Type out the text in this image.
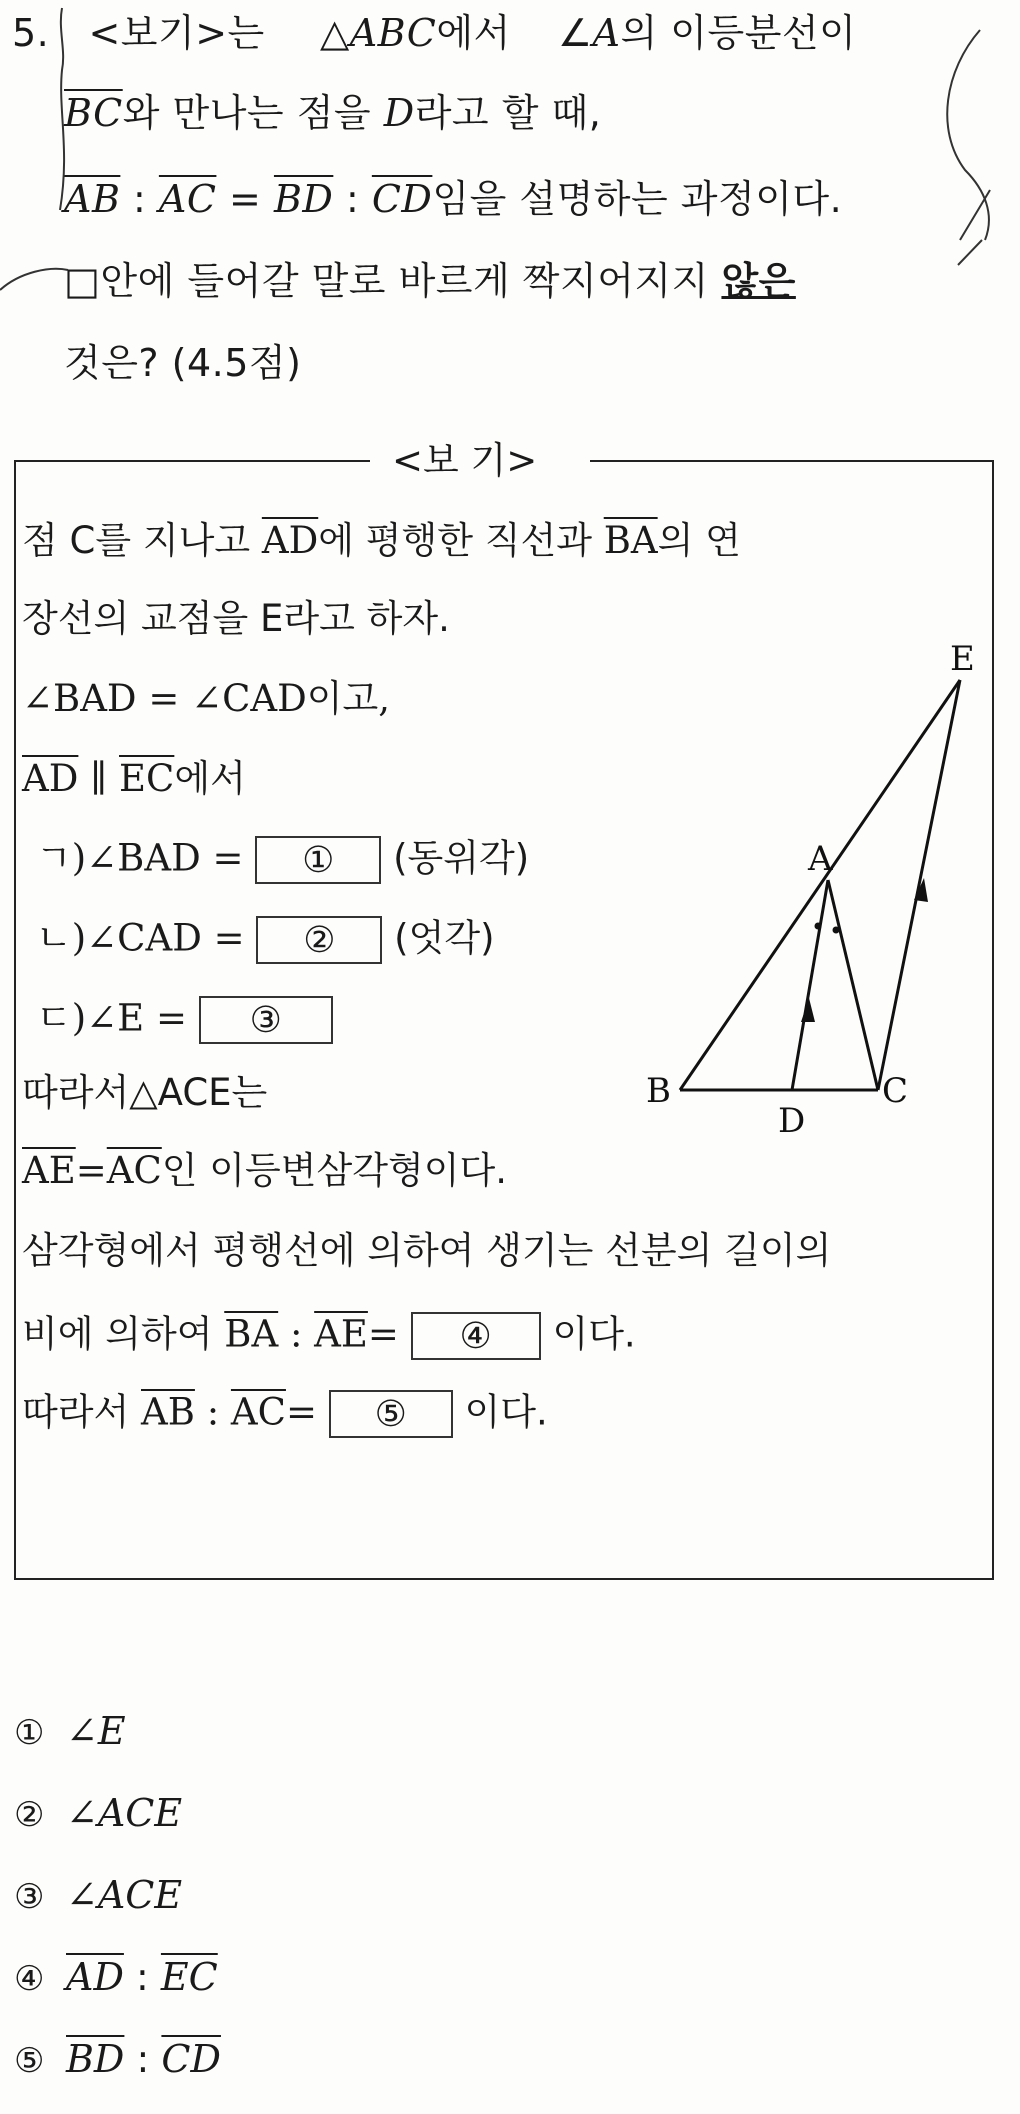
5. <보기>는 △ABC에서 ∠A의 이등분선이
$\overline{BC}$와 만나는 점을 D라고 할 때,
$\overline{AB}$ : $\overline{AC} = \overline{BD}$ : $\overline{CD}$임을 설명하는 과정이다.
□안에 들어갈 말로 바르게 짝지어지지 않은
것은? (4.5점)
<보 기>
점 C를 지나고 $\overline{AD}$에 평행한 직선과 $\overline{BA}$의 연
장선의 교점을 E라고 하자.
∠BAD = ∠CAD이고,
$\overline{AD}$ ∥ $\overline{EC}$에서
ㄱ)∠BAD = ① (동위각)
ㄴ)∠CAD = ② (엇각)
ㄷ)∠E = ③
따라서△ACE는
$\overline{AE}=\overline{AC}$인 이등변삼각형이다.
삼각형에서 평행선에 의하여 생기는 선분의 길이의
비에 의하여 $\overline{BA}$ : $\overline{AE}=$ ④ 이다.
따라서 $\overline{AB}$ : $\overline{AC}=$ ⑤ 이다.
E
A
B	C
D
① ∠E
② ∠ACE
③ ∠ACE
④ $\overline{AD}$ : $\overline{EC}$
⑤ $\overline{BD}$ : $\overline{CD}$
